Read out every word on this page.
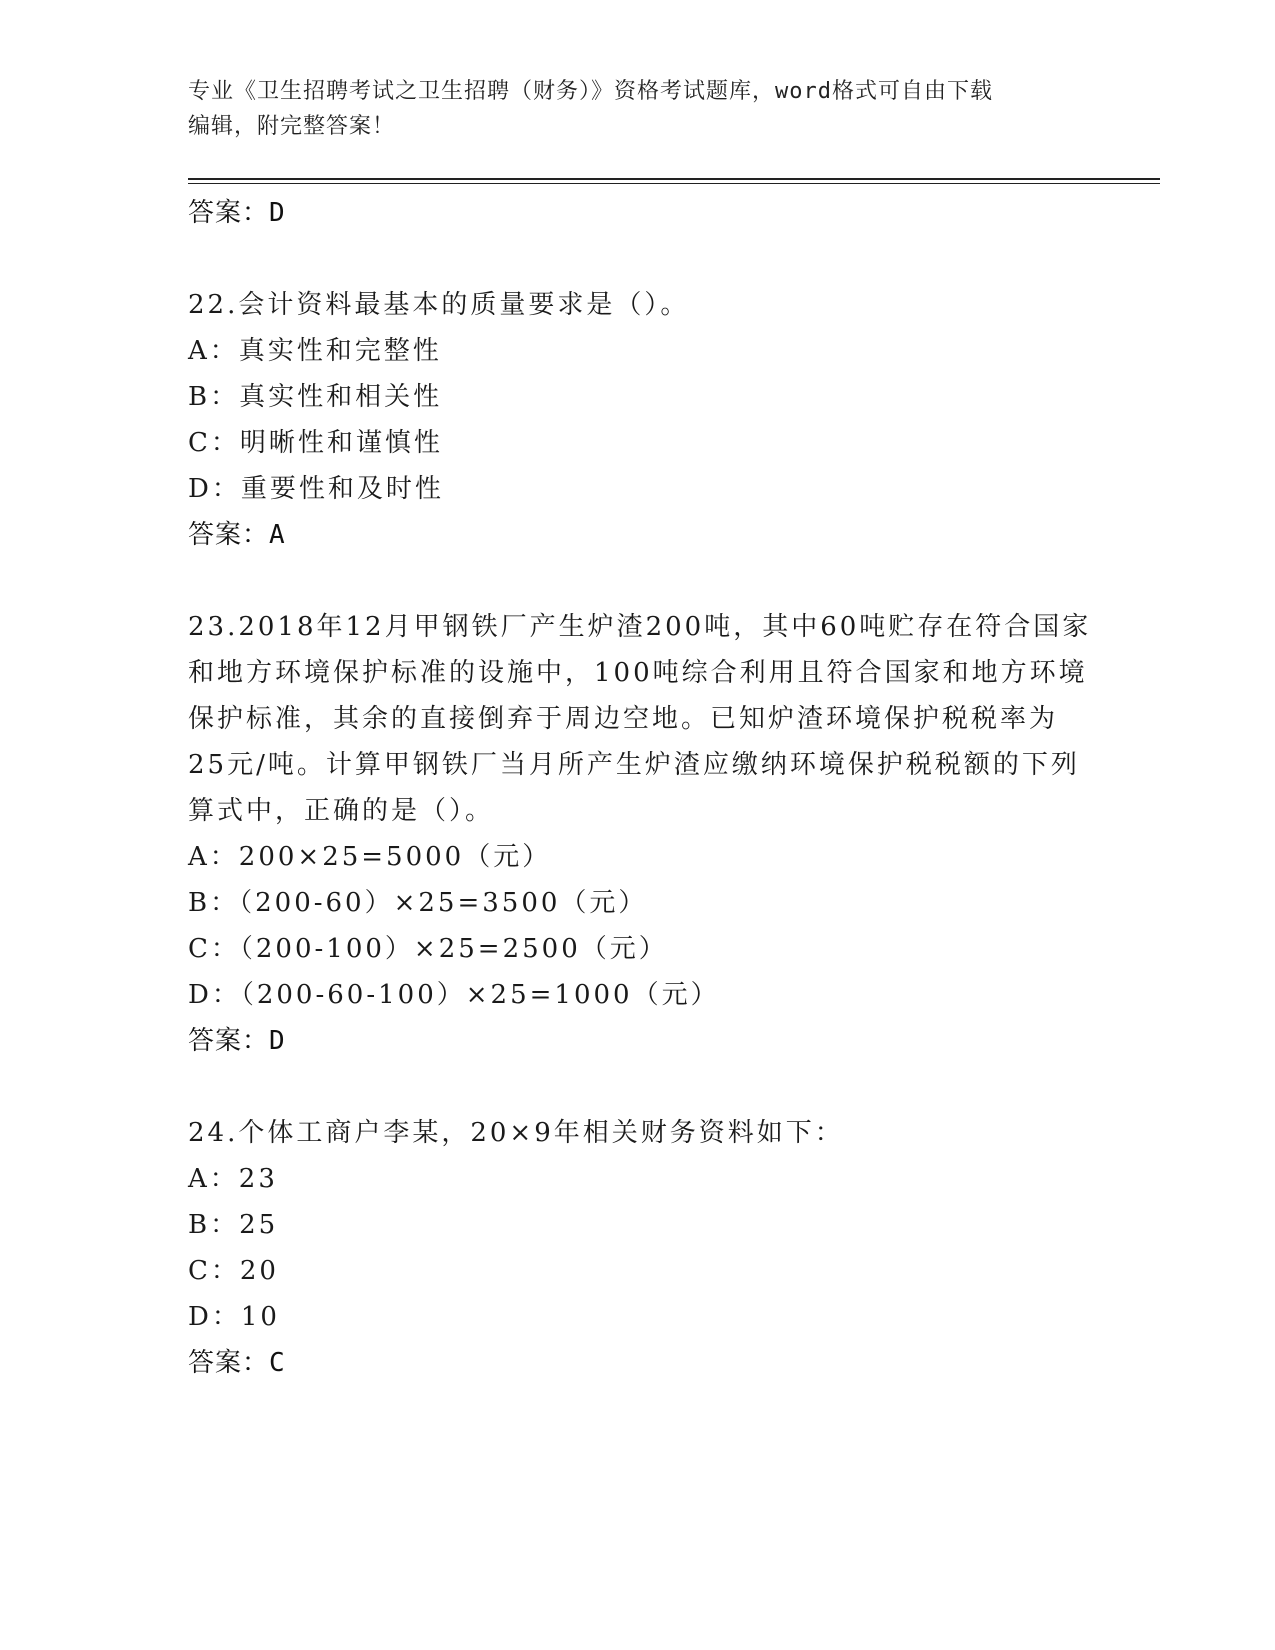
专业《卫生招聘考试之卫生招聘（财务）》资格考试题库，word格式可自由下载
编辑，附完整答案！
答案：D
22.会计资料最基本的质量要求是（）。
A：真实性和完整性
B：真实性和相关性
C：明晰性和谨慎性
D：重要性和及时性
答案：A
23.2018年12月甲钢铁厂产生炉渣200吨，其中60吨贮存在符合国家
和地方环境保护标准的设施中，100吨综合利用且符合国家和地方环境
保护标准，其余的直接倒弃于周边空地。已知炉渣环境保护税税率为
25元/吨。计算甲钢铁厂当月所产生炉渣应缴纳环境保护税税额的下列
算式中，正确的是（）。
A：200×25=5000（元）
B：（200-60）×25=3500（元）
C：（200-100）×25=2500（元）
D：（200-60-100）×25=1000（元）
答案：D
24.个体工商户李某，20×9年相关财务资料如下：
A：23
B：25
C：20
D：10
答案：C
